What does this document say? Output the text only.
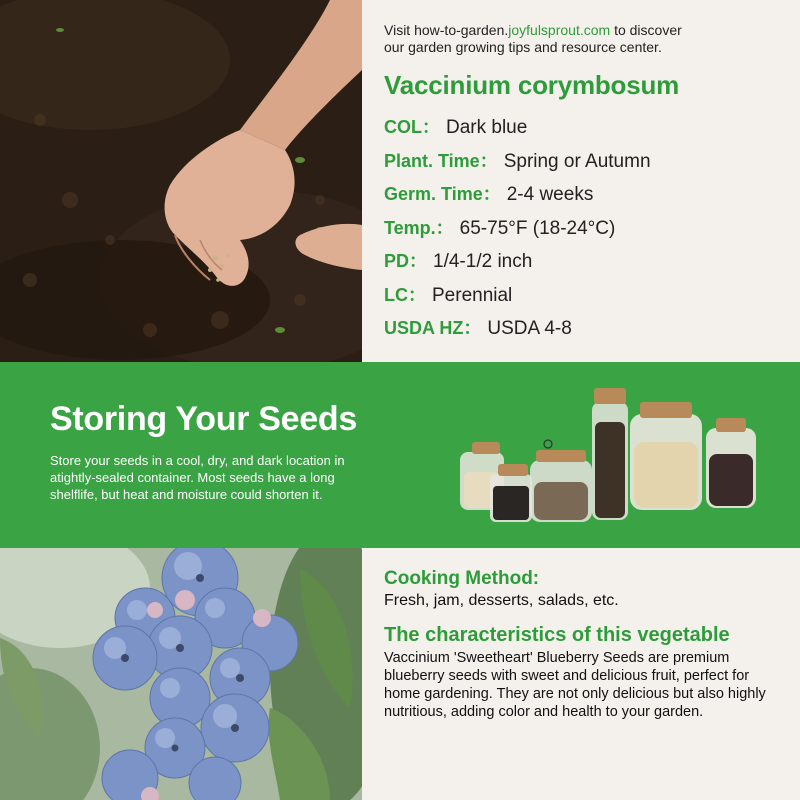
Visit how-to-garden.joyfulsprout.com to discover
our garden growing tips and resource center.

Vaccinium corymbosum
COL： Dark blue
Plant. Time： Spring or Autumn
Germ. Time： 2-4 weeks
Temp.： 65-75°F (18-24°C)
PD： 1/4-1/2 inch
LC： Perennial
USDA HZ： USDA 4-8
Storing Your Seeds

Store your seeds in a cool, dry, and dark location in atightly-sealed container. Most seeds have a long shelflife, but heat and moisture could shorten it.

Cooking Method:

Fresh, jam, desserts, salads, etc.

The characteristics of this vegetable

Vaccinium 'Sweetheart' Blueberry Seeds are premium blueberry seeds with sweet and delicious fruit, perfect for home gardening. They are not only delicious but also highly nutritious, adding color and health to your garden.
